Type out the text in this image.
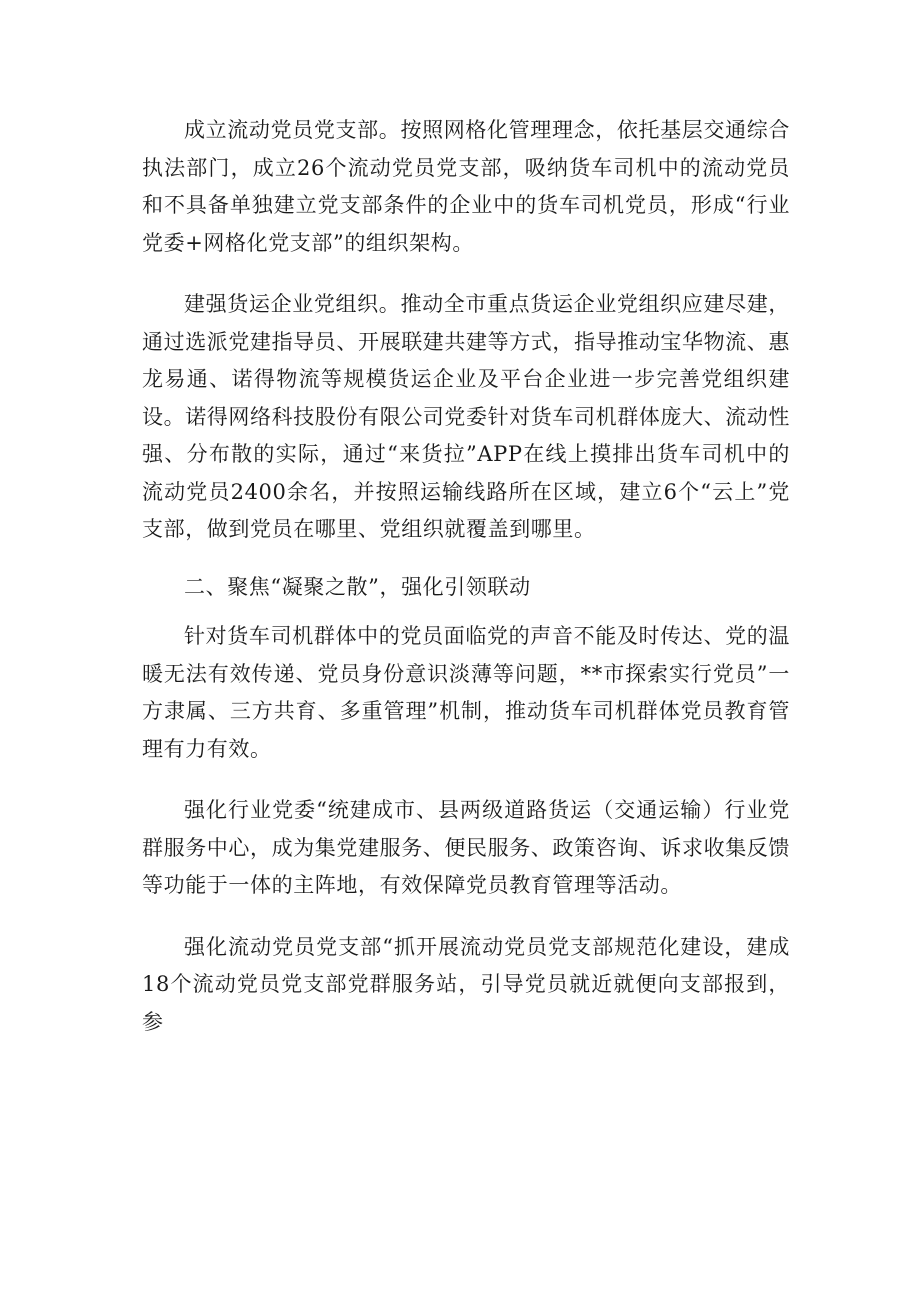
成立流动党员党支部。按照网格化管理理念，依托基层交通综合执法部门，成立26个流动党员党支部，吸纳货车司机中的流动党员和不具备单独建立党支部条件的企业中的货车司机党员，形成“行业党委+网格化党支部”的组织架构。

建强货运企业党组织。推动全市重点货运企业党组织应建尽建，通过选派党建指导员、开展联建共建等方式，指导推动宝华物流、惠龙易通、诺得物流等规模货运企业及平台企业进一步完善党组织建设。诺得网络科技股份有限公司党委针对货车司机群体庞大、流动性强、分布散的实际，通过“来货拉”APP在线上摸排出货车司机中的流动党员2400余名，并按照运输线路所在区域，建立6个“云上”党支部，做到党员在哪里、党组织就覆盖到哪里。

二、聚焦“凝聚之散”，强化引领联动

针对货车司机群体中的党员面临党的声音不能及时传达、党的温暖无法有效传递、党员身份意识淡薄等问题，**市探索实行党员”一方隶属、三方共育、多重管理”机制，推动货车司机群体党员教育管理有力有效。

强化行业党委“统建成市、县两级道路货运（交通运输）行业党群服务中心，成为集党建服务、便民服务、政策咨询、诉求收集反馈等功能于一体的主阵地，有效保障党员教育管理等活动。

强化流动党员党支部“抓开展流动党员党支部规范化建设，建成18个流动党员党支部党群服务站，引导党员就近就便向支部报到，参
